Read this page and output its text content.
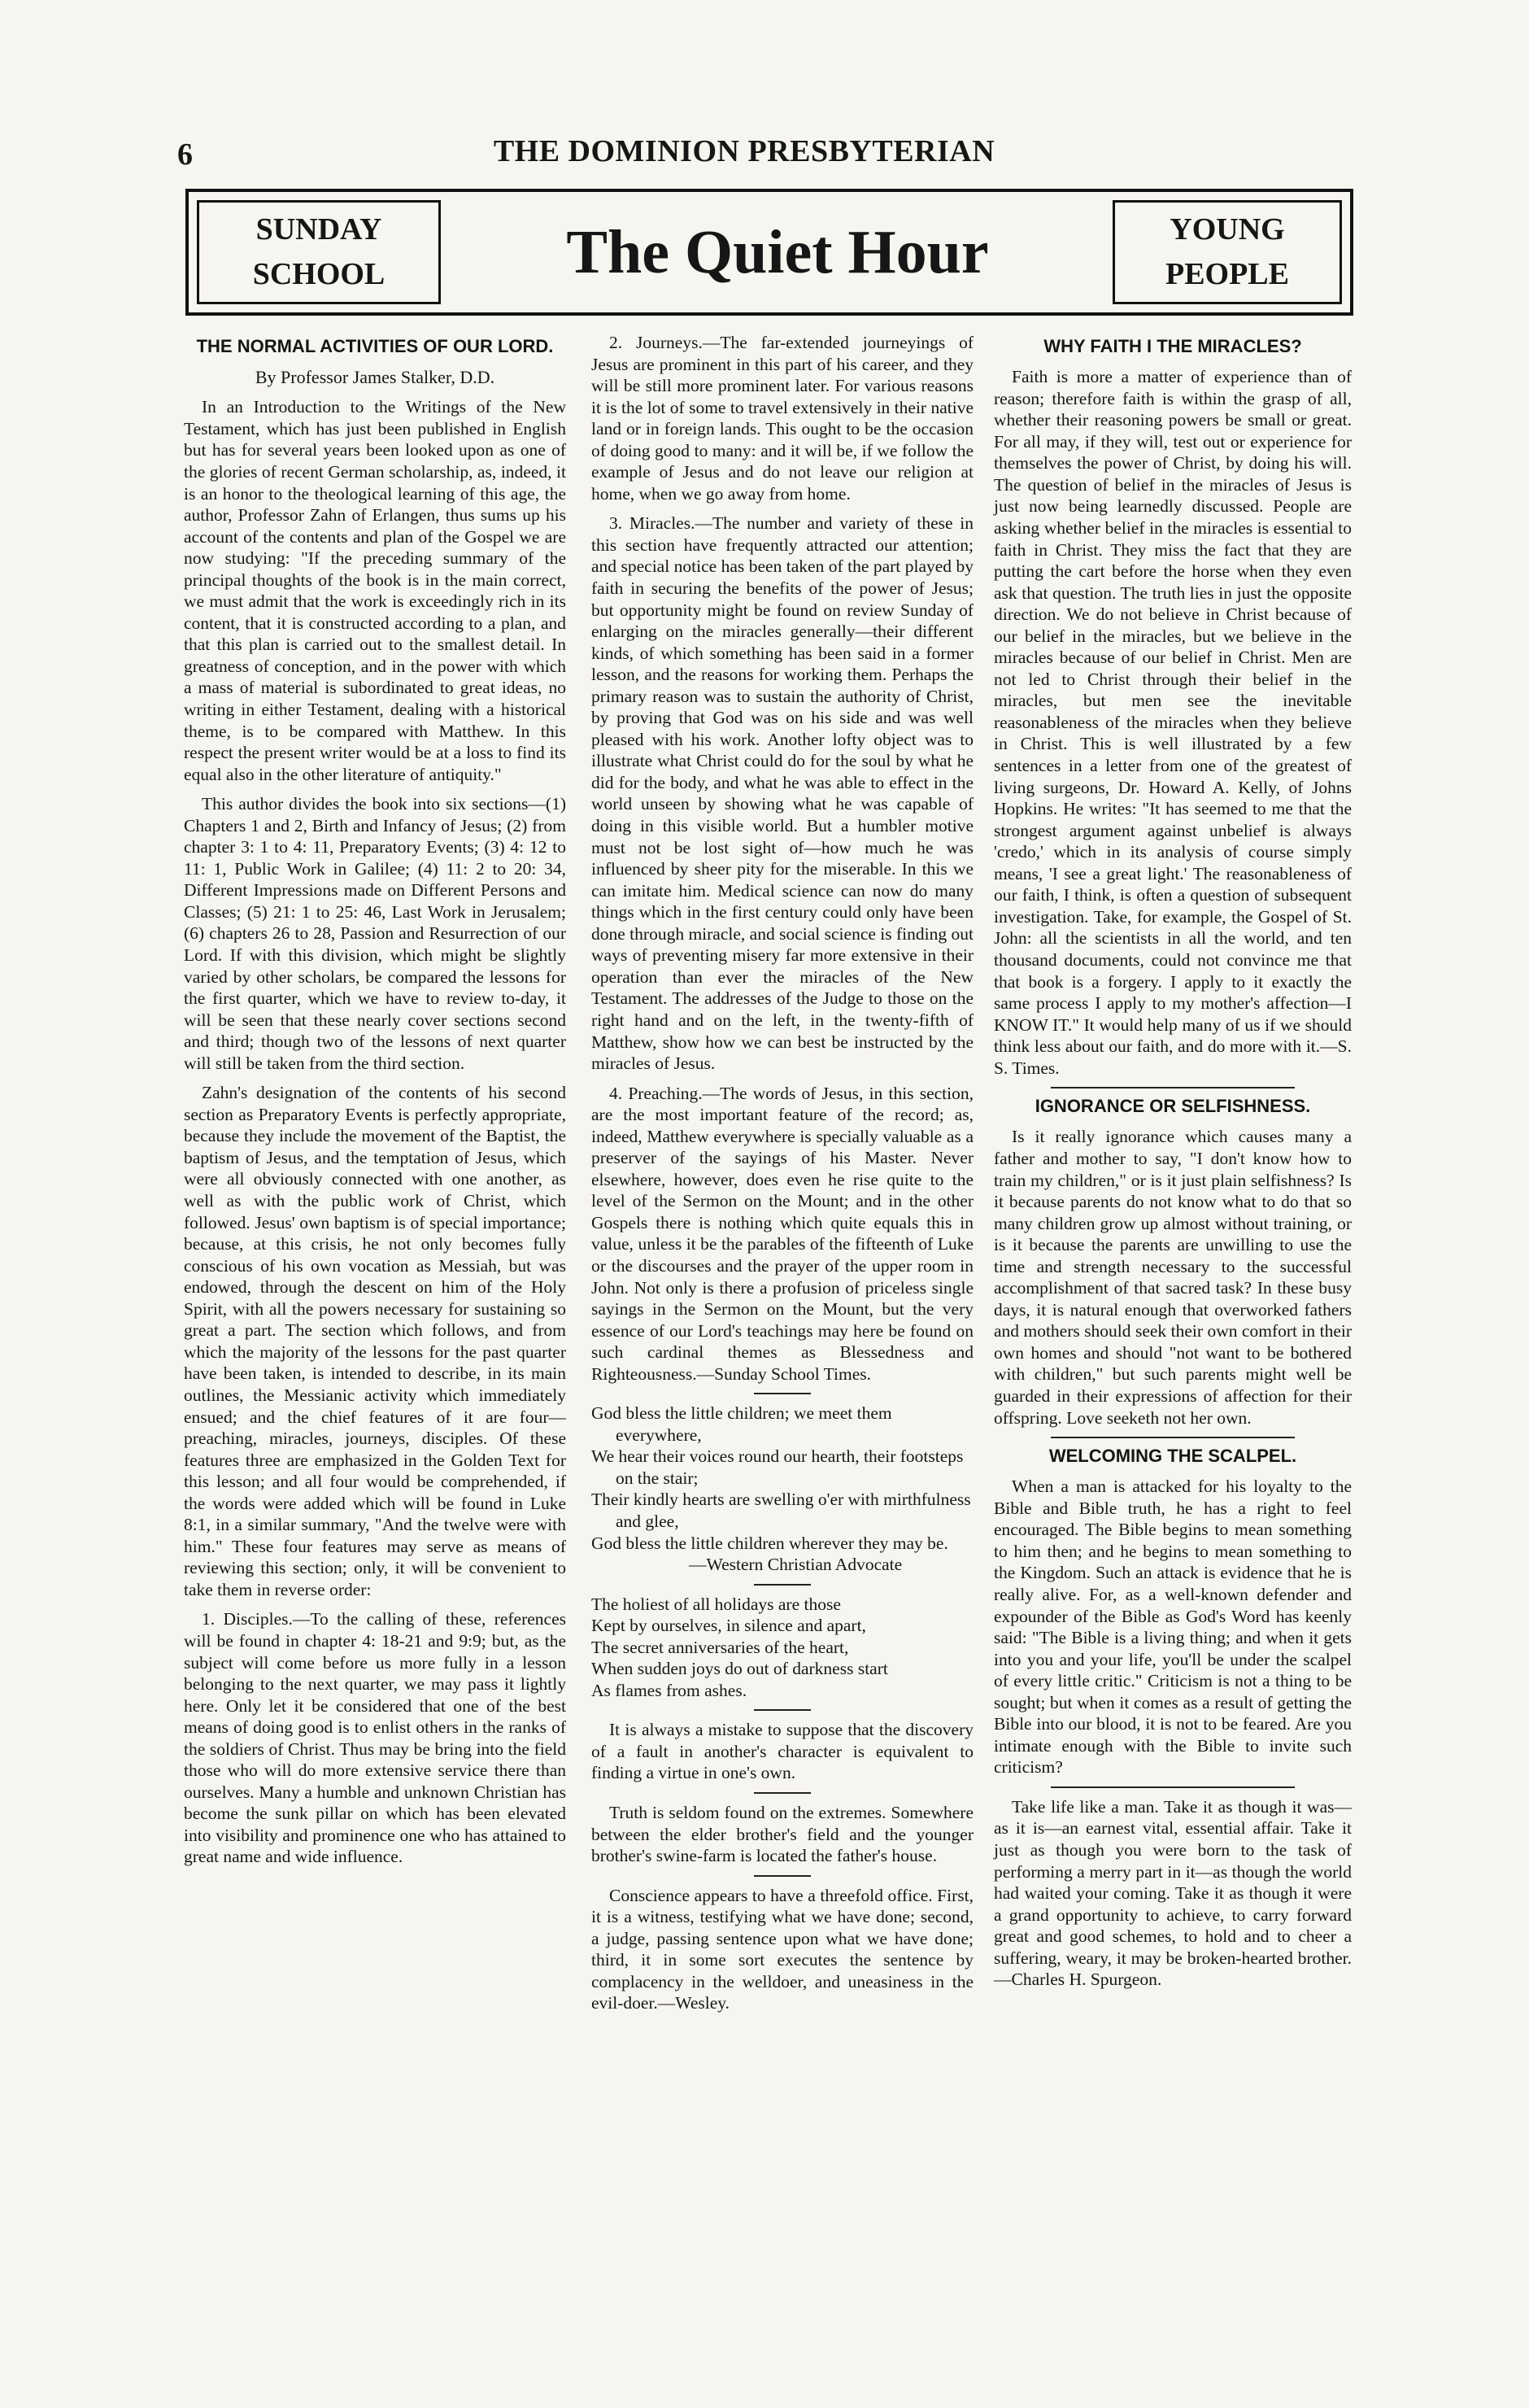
6	THE DOMINION PRESBYTERIAN
SUNDAY
SCHOOL	The Quiet Hour	YOUNG
PEOPLE
THE NORMAL ACTIVITIES OF OUR LORD.
By Professor James Stalker, D.D.

In an Introduction to the Writings of the New Testament, which has just been published in English but has for several years been looked upon as one of the glories of recent German scholarship, as, indeed, it is an honor to the theological learning of this age, the author, Professor Zahn of Erlangen, thus sums up his account of the contents and plan of the Gospel we are now studying: "If the preceding summary of the principal thoughts of the book is in the main correct, we must admit that the work is exceedingly rich in its content, that it is constructed according to a plan, and that this plan is carried out to the smallest detail. In greatness of conception, and in the power with which a mass of material is subordinated to great ideas, no writing in either Testament, dealing with a historical theme, is to be compared with Matthew. In this respect the present writer would be at a loss to find its equal also in the other literature of antiquity."

This author divides the book into six sections—(1) Chapters 1 and 2, Birth and Infancy of Jesus; (2) from chapter 3: 1 to 4: 11, Preparatory Events; (3) 4: 12 to 11: 1, Public Work in Galilee; (4) 11: 2 to 20: 34, Different Impressions made on Different Persons and Classes; (5) 21: 1 to 25: 46, Last Work in Jerusalem; (6) chapters 26 to 28, Passion and Resurrection of our Lord. If with this division, which might be slightly varied by other scholars, be compared the lessons for the first quarter, which we have to review to-day, it will be seen that these nearly cover sections second and third; though two of the lessons of next quarter will still be taken from the third section.

Zahn's designation of the contents of his second section as Preparatory Events is perfectly appropriate, because they include the movement of the Baptist, the baptism of Jesus, and the temptation of Jesus, which were all obviously connected with one another, as well as with the public work of Christ, which followed. Jesus' own baptism is of special importance; because, at this crisis, he not only becomes fully conscious of his own vocation as Messiah, but was endowed, through the descent on him of the Holy Spirit, with all the powers necessary for sustaining so great a part. The section which follows, and from which the majority of the lessons for the past quarter have been taken, is intended to describe, in its main outlines, the Messianic activity which immediately ensued; and the chief features of it are four—preaching, miracles, journeys, disciples. Of these features three are emphasized in the Golden Text for this lesson; and all four would be comprehended, if the words were added which will be found in Luke 8:1, in a similar summary, "And the twelve were with him." These four features may serve as means of reviewing this section; only, it will be convenient to take them in reverse order:

1. Disciples.—To the calling of these, references will be found in chapter 4: 18-21 and 9:9; but, as the subject will come before us more fully in a lesson belonging to the next quarter, we may pass it lightly here. Only let it be considered that one of the best means of doing good is to enlist others in the ranks of the soldiers of Christ. Thus may be bring into the field those who will do more extensive service there than ourselves. Many a humble and unknown Christian has become the sunk pillar on which has been elevated into visibility and prominence one who has attained to great name and wide influence.

2. Journeys.—The far-extended journeyings of Jesus are prominent in this part of his career, and they will be still more prominent later. For various reasons it is the lot of some to travel extensively in their native land or in foreign lands. This ought to be the occasion of doing good to many: and it will be, if we follow the example of Jesus and do not leave our religion at home, when we go away from home.

3. Miracles.—The number and variety of these in this section have frequently attracted our attention; and special notice has been taken of the part played by faith in securing the benefits of the power of Jesus; but opportunity might be found on review Sunday of enlarging on the miracles generally—their different kinds, of which something has been said in a former lesson, and the reasons for working them. Perhaps the primary reason was to sustain the authority of Christ, by proving that God was on his side and was well pleased with his work. Another lofty object was to illustrate what Christ could do for the soul by what he did for the body, and what he was able to effect in the world unseen by showing what he was capable of doing in this visible world. But a humbler motive must not be lost sight of—how much he was influenced by sheer pity for the miserable. In this we can imitate him. Medical science can now do many things which in the first century could only have been done through miracle, and social science is finding out ways of preventing misery far more extensive in their operation than ever the miracles of the New Testament. The addresses of the Judge to those on the right hand and on the left, in the twenty-fifth of Matthew, show how we can best be instructed by the miracles of Jesus.

4. Preaching.—The words of Jesus, in this section, are the most important feature of the record; as, indeed, Matthew everywhere is specially valuable as a preserver of the sayings of his Master. Never elsewhere, however, does even he rise quite to the level of the Sermon on the Mount; and in the other Gospels there is nothing which quite equals this in value, unless it be the parables of the fifteenth of Luke or the discourses and the prayer of the upper room in John. Not only is there a profusion of priceless single sayings in the Sermon on the Mount, but the very essence of our Lord's teachings may here be found on such cardinal themes as Blessedness and Righteousness.—Sunday School Times.

God bless the little children; we meet them everywhere,
We hear their voices round our hearth, their footsteps on the stair;
Their kindly hearts are swelling o'er with mirthfulness and glee,
God bless the little children wherever they may be.
—Western Christian Advocate
The holiest of all holidays are those
Kept by ourselves, in silence and apart,
The secret anniversaries of the heart,
When sudden joys do out of darkness start
As flames from ashes.

It is always a mistake to suppose that the discovery of a fault in another's character is equivalent to finding a virtue in one's own.

Truth is seldom found on the extremes. Somewhere between the elder brother's field and the younger brother's swine-farm is located the father's house.

Conscience appears to have a threefold office. First, it is a witness, testifying what we have done; second, a judge, passing sentence upon what we have done; third, it in some sort executes the sentence by complacency in the welldoer, and uneasiness in the evil-doer.—Wesley.

WHY FAITH I THE MIRACLES?

Faith is more a matter of experience than of reason; therefore faith is within the grasp of all, whether their reasoning powers be small or great. For all may, if they will, test out or experience for themselves the power of Christ, by doing his will. The question of belief in the miracles of Jesus is just now being learnedly discussed. People are asking whether belief in the miracles is essential to faith in Christ. They miss the fact that they are putting the cart before the horse when they even ask that question. The truth lies in just the opposite direction. We do not believe in Christ because of our belief in the miracles, but we believe in the miracles because of our belief in Christ. Men are not led to Christ through their belief in the miracles, but men see the inevitable reasonableness of the miracles when they believe in Christ. This is well illustrated by a few sentences in a letter from one of the greatest of living surgeons, Dr. Howard A. Kelly, of Johns Hopkins. He writes: "It has seemed to me that the strongest argument against unbelief is always 'credo,' which in its analysis of course simply means, 'I see a great light.' The reasonableness of our faith, I think, is often a question of subsequent investigation. Take, for example, the Gospel of St. John: all the scientists in all the world, and ten thousand documents, could not convince me that that book is a forgery. I apply to it exactly the same process I apply to my mother's affection—I KNOW IT." It would help many of us if we should think less about our faith, and do more with it.—S. S. Times.

IGNORANCE OR SELFISHNESS.

Is it really ignorance which causes many a father and mother to say, "I don't know how to train my children," or is it just plain selfishness? Is it because parents do not know what to do that so many children grow up almost without training, or is it because the parents are unwilling to use the time and strength necessary to the successful accomplishment of that sacred task? In these busy days, it is natural enough that overworked fathers and mothers should seek their own comfort in their own homes and should "not want to be bothered with children," but such parents might well be guarded in their expressions of affection for their offspring. Love seeketh not her own.

WELCOMING THE SCALPEL.

When a man is attacked for his loyalty to the Bible and Bible truth, he has a right to feel encouraged. The Bible begins to mean something to him then; and he begins to mean something to the Kingdom. Such an attack is evidence that he is really alive. For, as a well-known defender and expounder of the Bible as God's Word has keenly said: "The Bible is a living thing; and when it gets into you and your life, you'll be under the scalpel of every little critic." Criticism is not a thing to be sought; but when it comes as a result of getting the Bible into our blood, it is not to be feared. Are you intimate enough with the Bible to invite such criticism?

Take life like a man. Take it as though it was—as it is—an earnest vital, essential affair. Take it just as though you were born to the task of performing a merry part in it—as though the world had waited your coming. Take it as though it were a grand opportunity to achieve, to carry forward great and good schemes, to hold and to cheer a suffering, weary, it may be broken-hearted brother.—Charles H. Spurgeon.
